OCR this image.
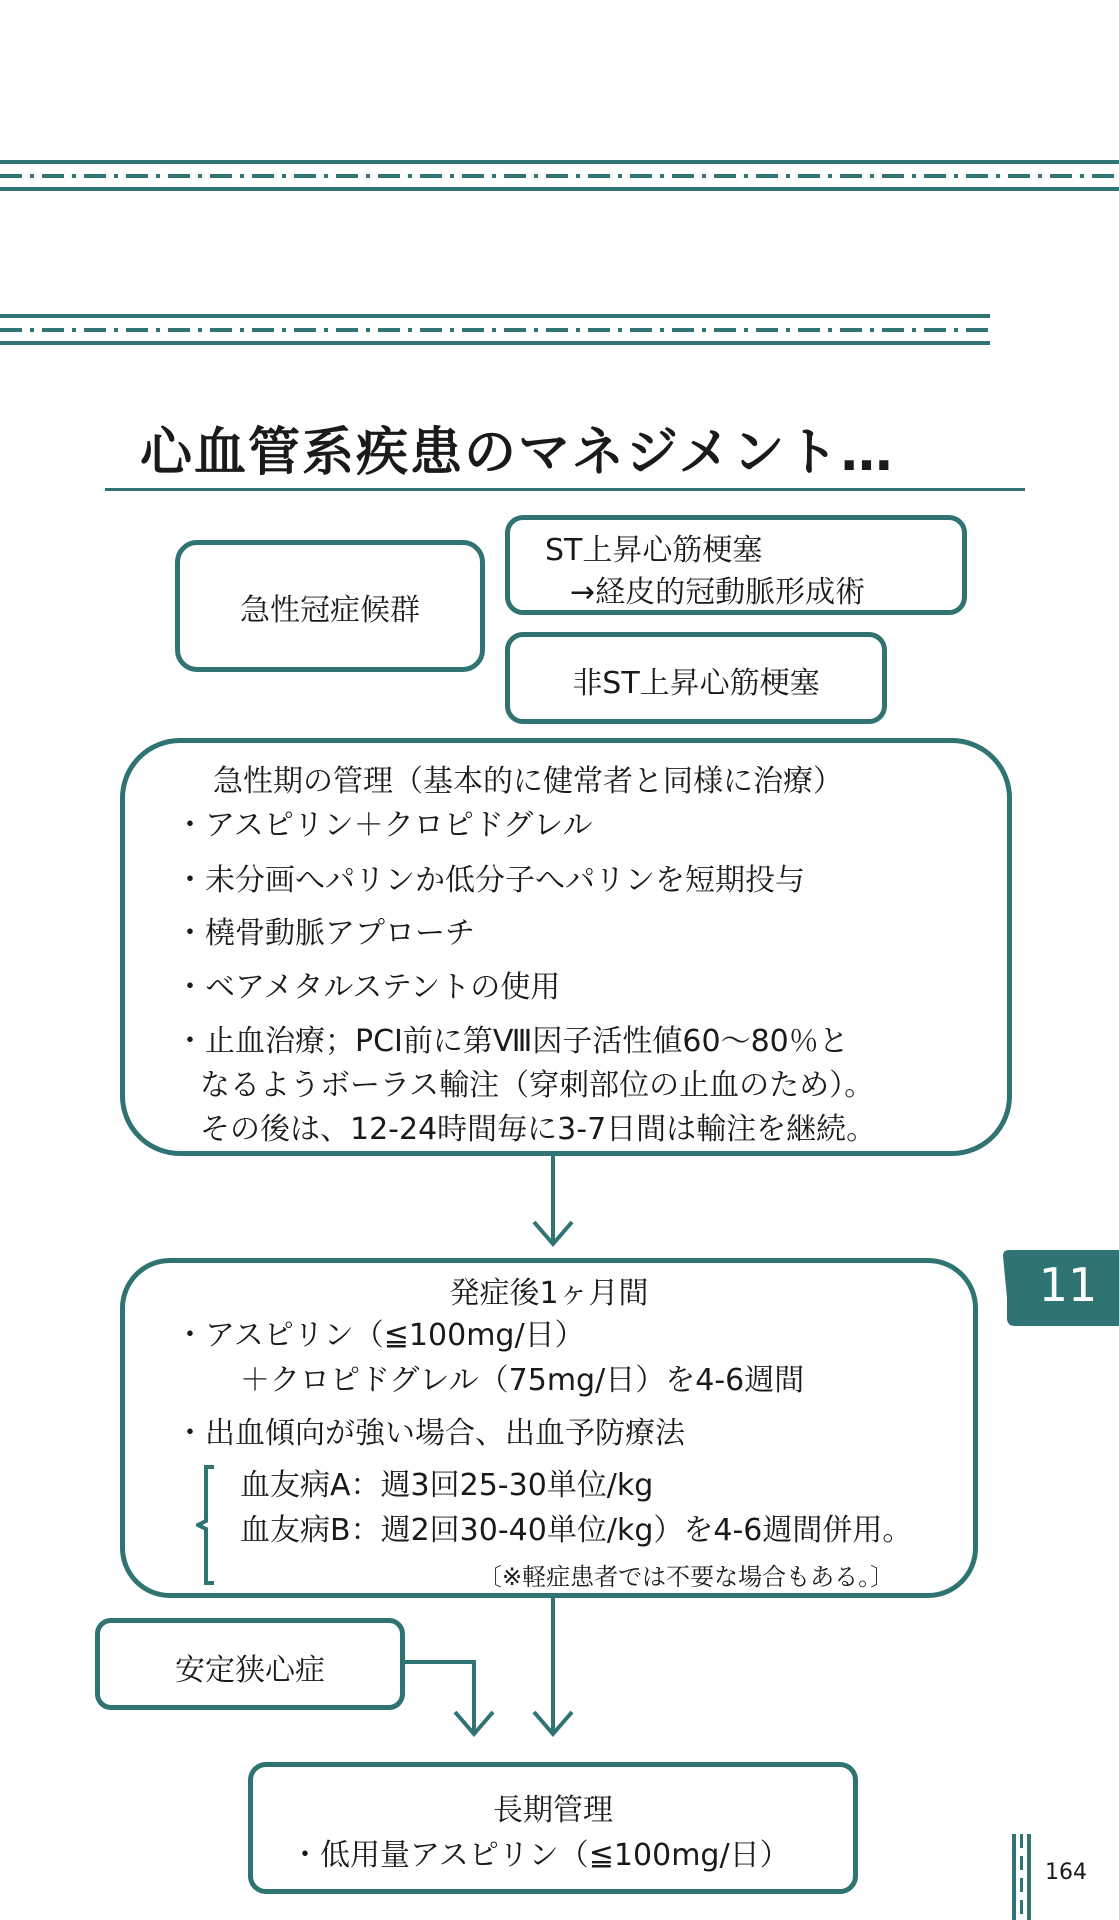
心血管系疾患のマネジメント…
急性冠症候群
ST上昇心筋梗塞
→経皮的冠動脈形成術
非ST上昇心筋梗塞
急性期の管理（基本的に健常者と同様に治療）
・アスピリン＋クロピドグレル
・未分画へパリンか低分子へパリンを短期投与
・橈骨動脈アプローチ
・ベアメタルステントの使用
・止血治療；PCI前に第Ⅷ因子活性値60～80％と
なるようボーラス輸注（穿刺部位の止血のため）。
その後は、12-24時間毎に3-7日間は輸注を継続。
11
発症後1ヶ月間
・アスピリン（≦100mg/日）
＋クロピドグレル（75mg/日）を4-6週間
・出血傾向が強い場合、出血予防療法
血友病A：週3回25-30単位/kg
血友病B：週2回30-40単位/kg）を4-6週間併用。
〔※軽症患者では不要な場合もある。〕
安定狭心症
長期管理
・低用量アスピリン（≦100mg/日）	164
